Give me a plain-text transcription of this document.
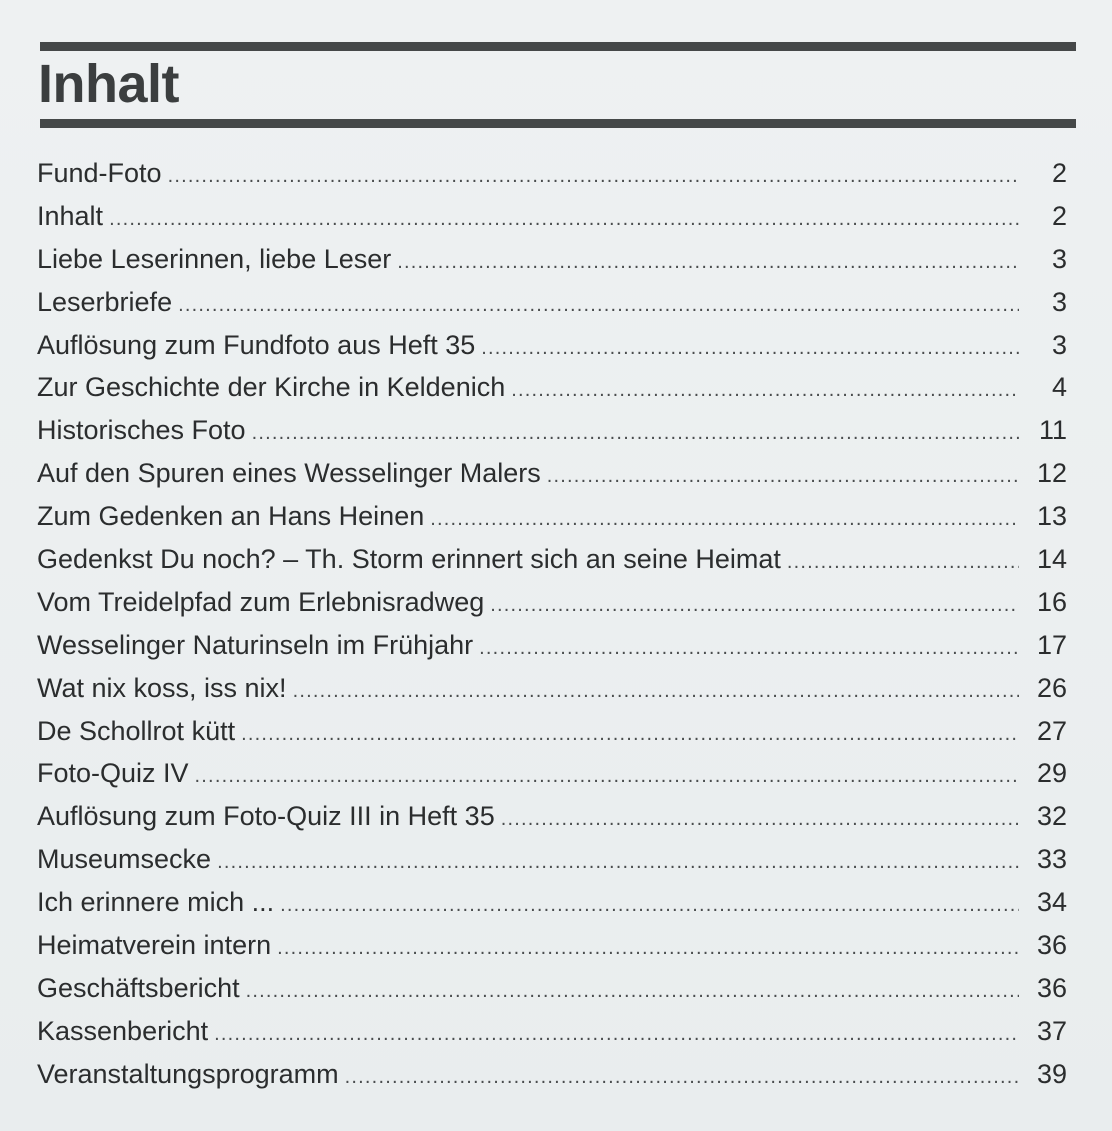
Inhalt
Fund-Foto .....	2
Inhalt .....	2
Liebe Leserinnen, liebe Leser .....	3
Leserbriefe .....	3
Auflösung zum Fundfoto aus Heft 35 .....	3
Zur Geschichte der Kirche in Keldenich .....	4
Historisches Foto .....	11
Auf den Spuren eines Wesselinger Malers .....	12
Zum Gedenken an Hans Heinen .....	13
Gedenkst Du noch? – Th. Storm erinnert sich an seine Heimat .....	14
Vom Treidelpfad zum Erlebnisradweg .....	16
Wesselinger Naturinseln im Frühjahr .....	17
Wat nix koss, iss nix! .....	26
De Schollrot kütt .....	27
Foto-Quiz IV .....	29
Auflösung zum Foto-Quiz III in Heft 35 .....	32
Museumsecke .....	33
Ich erinnere mich ... .....	34
Heimatverein intern .....	36
Geschäftsbericht .....	36
Kassenbericht .....	37
Veranstaltungsprogramm .....	39
